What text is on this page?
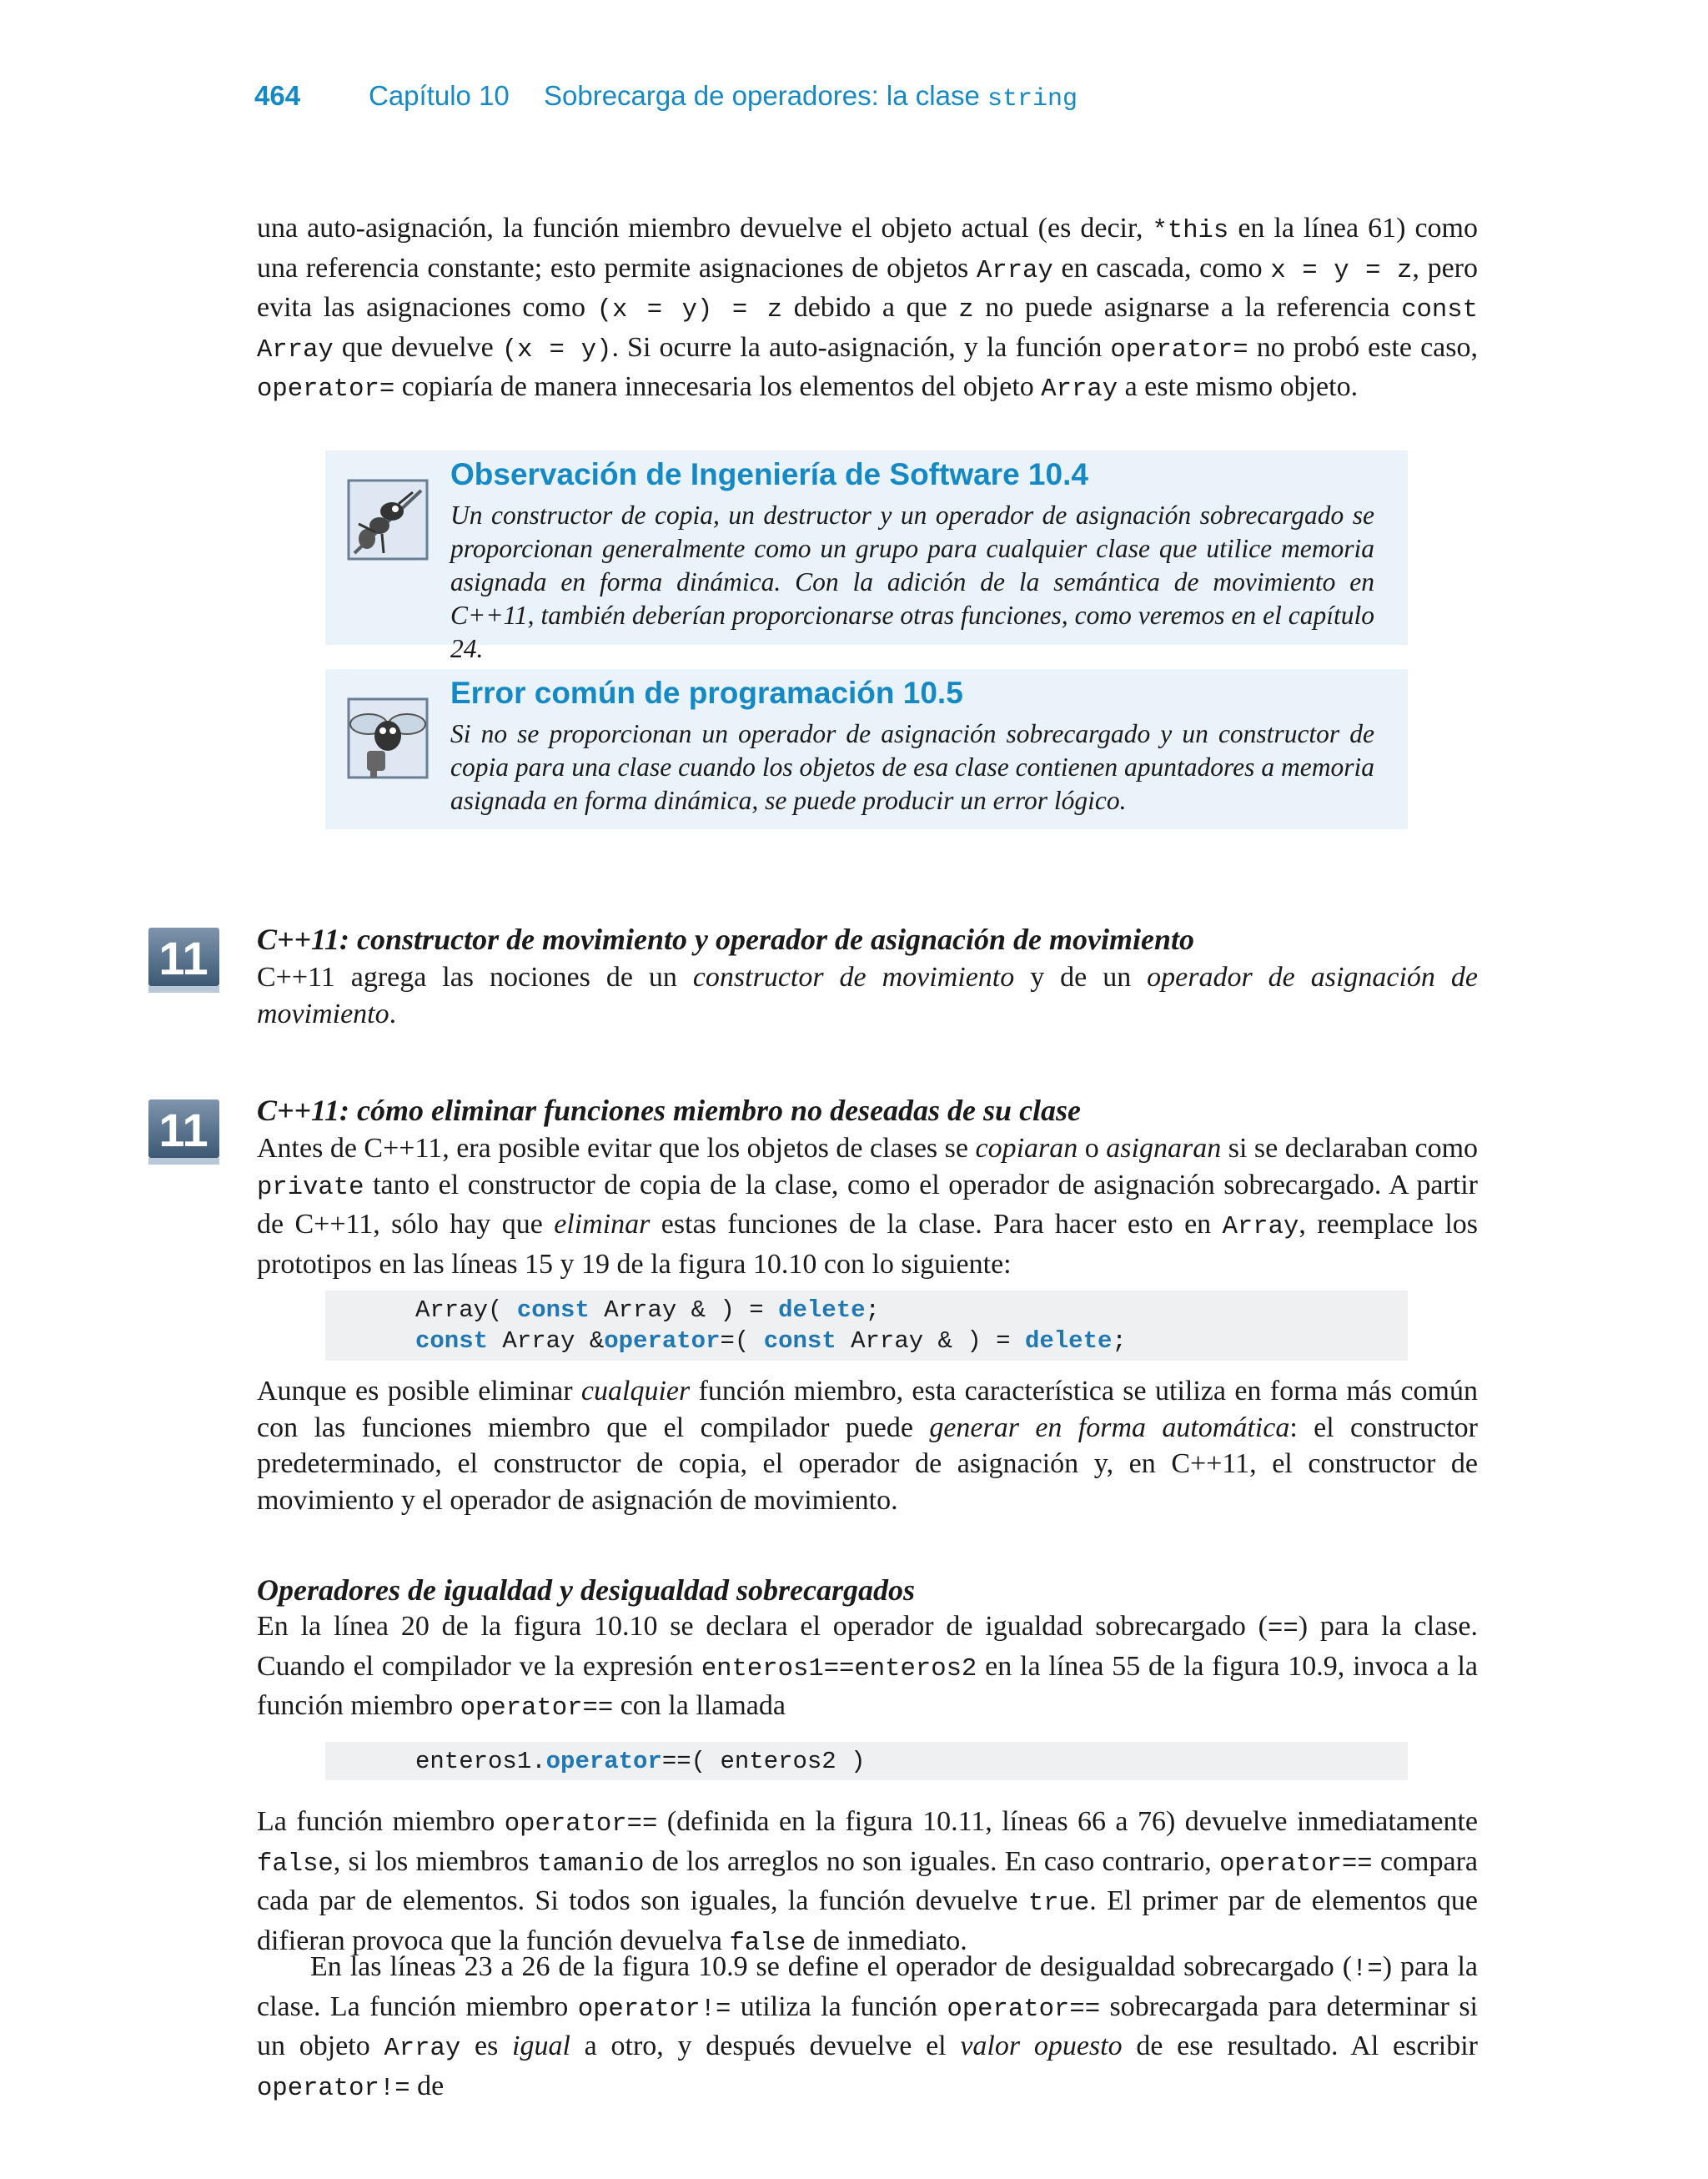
464 Capítulo 10 Sobrecarga de operadores: la clase string
una auto-asignación, la función miembro devuelve el objeto actual (es decir, *this en la línea 61) como una referencia constante; esto permite asignaciones de objetos Array en cascada, como x = y = z, pero evita las asignaciones como (x = y) = z debido a que z no puede asignarse a la referencia const Array que devuelve (x = y). Si ocurre la auto-asignación, y la función operator= no probó este caso, operator= copiaría de manera innecesaria los elementos del objeto Array a este mismo objeto.
Observación de Ingeniería de Software 10.4
Un constructor de copia, un destructor y un operador de asignación sobrecargado se proporcionan generalmente como un grupo para cualquier clase que utilice memoria asignada en forma dinámica. Con la adición de la semántica de movimiento en C++11, también deberían proporcionarse otras funciones, como veremos en el capítulo 24.
Error común de programación 10.5
Si no se proporcionan un operador de asignación sobrecargado y un constructor de copia para una clase cuando los objetos de esa clase contienen apuntadores a memoria asignada en forma dinámica, se puede producir un error lógico.
11 C++11: constructor de movimiento y operador de asignación de movimiento
C++11 agrega las nociones de un constructor de movimiento y de un operador de asignación de movimiento.
11 C++11: cómo eliminar funciones miembro no deseadas de su clase
Antes de C++11, era posible evitar que los objetos de clases se copiaran o asignaran si se declaraban como private tanto el constructor de copia de la clase, como el operador de asignación sobrecargado. A partir de C++11, sólo hay que eliminar estas funciones de la clase. Para hacer esto en Array, reemplace los prototipos en las líneas 15 y 19 de la figura 10.10 con lo siguiente:
Array( const Array & ) = delete;
const Array &operator=( const Array & ) = delete;
Aunque es posible eliminar cualquier función miembro, esta característica se utiliza en forma más común con las funciones miembro que el compilador puede generar en forma automática: el constructor predeterminado, el constructor de copia, el operador de asignación y, en C++11, el constructor de movimiento y el operador de asignación de movimiento.
Operadores de igualdad y desigualdad sobrecargados
En la línea 20 de la figura 10.10 se declara el operador de igualdad sobrecargado (==) para la clase. Cuando el compilador ve la expresión enteros1==enteros2 en la línea 55 de la figura 10.9, invoca a la función miembro operator== con la llamada
enteros1.operator==( enteros2 )
La función miembro operator== (definida en la figura 10.11, líneas 66 a 76) devuelve inmediatamente false, si los miembros tamanio de los arreglos no son iguales. En caso contrario, operator== compara cada par de elementos. Si todos son iguales, la función devuelve true. El primer par de elementos que difieran provoca que la función devuelva false de inmediato.
En las líneas 23 a 26 de la figura 10.9 se define el operador de desigualdad sobrecargado (!=) para la clase. La función miembro operator!= utiliza la función operator== sobrecargada para determinar si un objeto Array es igual a otro, y después devuelve el valor opuesto de ese resultado. Al escribir operator!= de
